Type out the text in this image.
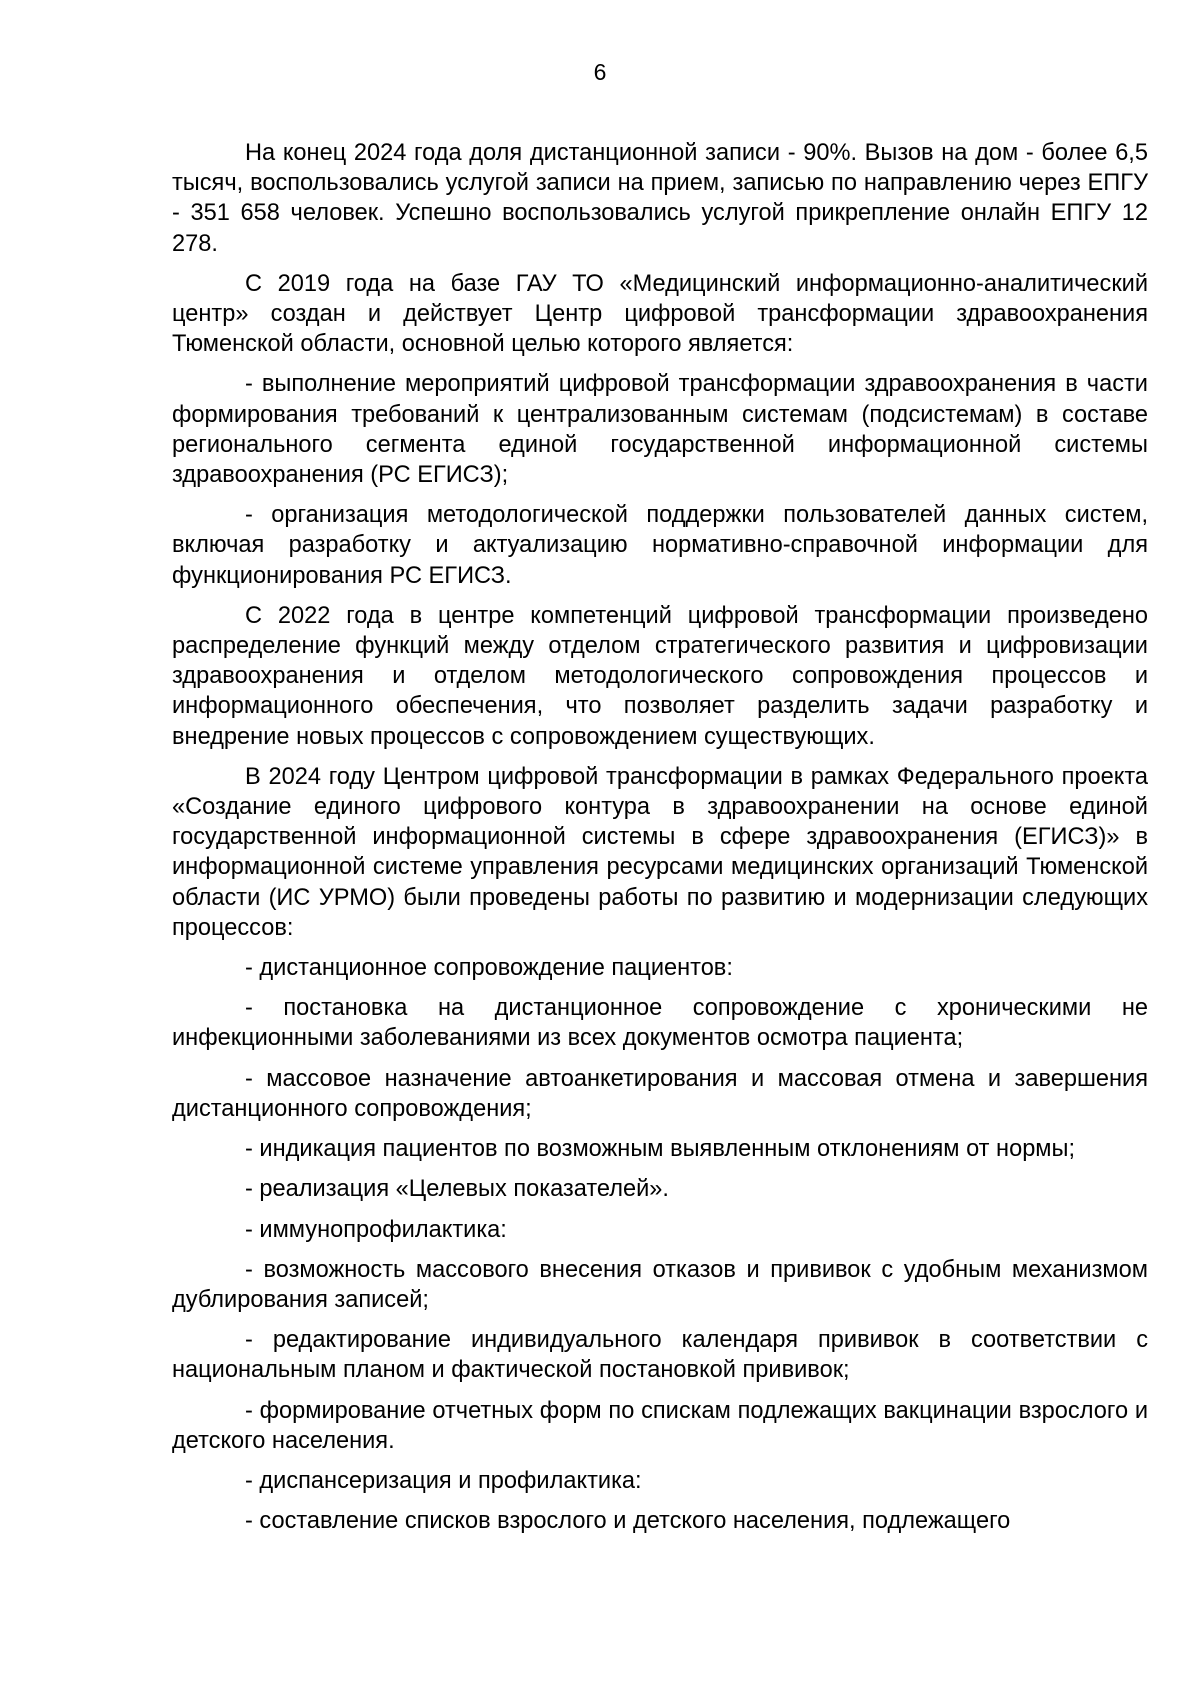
6

На конец 2024 года доля дистанционной записи - 90%. Вызов на дом - более 6,5 тысяч, воспользовались услугой записи на прием, записью по направлению через ЕПГУ - 351 658 человек. Успешно воспользовались услугой прикрепление онлайн ЕПГУ 12 278.

С 2019 года на базе ГАУ ТО «Медицинский информационно-аналитический центр» создан и действует Центр цифровой трансформации здравоохранения Тюменской области, основной целью которого является:

- выполнение мероприятий цифровой трансформации здравоохранения в части формирования требований к централизованным системам (подсистемам) в составе регионального сегмента единой государственной информационной системы здравоохранения (РС ЕГИСЗ);

- организация методологической поддержки пользователей данных систем, включая разработку и актуализацию нормативно-справочной информации для функционирования РС ЕГИСЗ.

С 2022 года в центре компетенций цифровой трансформации произведено распределение функций между отделом стратегического развития и цифровизации здравоохранения и отделом методологического сопровождения процессов и информационного обеспечения, что позволяет разделить задачи разработку и внедрение новых процессов с сопровождением существующих.

В 2024 году Центром цифровой трансформации в рамках Федерального проекта «Создание единого цифрового контура в здравоохранении на основе единой государственной информационной системы в сфере здравоохранения (ЕГИСЗ)» в информационной системе управления ресурсами медицинских организаций Тюменской области (ИС УРМО) были проведены работы по развитию и модернизации следующих процессов:

- дистанционное сопровождение пациентов:

- постановка на дистанционное сопровождение с хроническими не инфекционными заболеваниями из всех документов осмотра пациента;

- массовое назначение автоанкетирования и массовая отмена и завершения дистанционного сопровождения;

- индикация пациентов по возможным выявленным отклонениям от нормы;

- реализация «Целевых показателей».

- иммунопрофилактика:

- возможность массового внесения отказов и прививок с удобным механизмом дублирования записей;

- редактирование индивидуального календаря прививок в соответствии с национальным планом и фактической постановкой прививок;

- формирование отчетных форм по спискам подлежащих вакцинации взрослого и детского населения.

- диспансеризация и профилактика:

- составление списков взрослого и детского населения, подлежащего
